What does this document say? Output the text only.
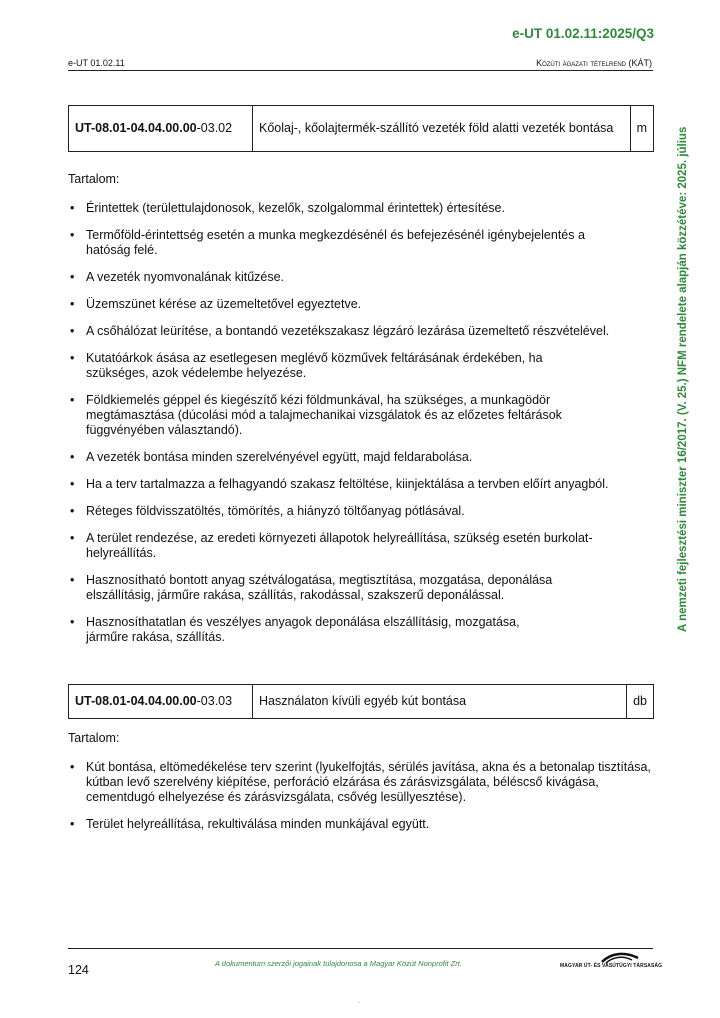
e-UT 01.02.11:2025/Q3
e-UT 01.02.11	Közúti ágazati tételrend (KÁT)
A nemzeti fejlesztési miniszter 16/2017. (V. 25.) NFM rendelete alapján közzétéve: 2025. július
UT-08.01-04.04.00.00-03.02	Kőolaj-, kőolajtermék-szállító vezeték föld alatti vezeték bontása	m

Tartalom:

• Érintettek (területtulajdonosok, kezelők, szolgalommal érintettek) értesítése.
• Termőföld-érintettség esetén a munka megkezdésénél és befejezésénél igénybejelentés a hatóság felé.
• A vezeték nyomvonalának kitűzése.
• Üzemszünet kérése az üzemeltetővel egyeztetve.
• A csőhálózat leürítése, a bontandó vezetékszakasz légzáró lezárása üzemeltető részvételével.
• Kutatóárkok ásása az esetlegesen meglévő közművek feltárásának érdekében, ha szükséges, azok védelembe helyezése.
• Földkiemelés géppel és kiegészítő kézi földmunkával, ha szükséges, a munkagödör megtámasztása (dúcolási mód a talajmechanikai vizsgálatok és az előzetes feltárások függvényében választandó).
• A vezeték bontása minden szerelvényével együtt, majd feldarabolása.
• Ha a terv tartalmazza a felhagyandó szakasz feltöltése, kiinjektálása a tervben előírt anyagból.
• Réteges földvisszatöltés, tömörítés, a hiányzó töltőanyag pótlásával.
• A terület rendezése, az eredeti környezeti állapotok helyreállítása, szükség esetén burkolat-helyreállítás.
• Hasznosítható bontott anyag szétválogatása, megtisztítása, mozgatása, deponálása elszállításig, járműre rakása, szállítás, rakodással, szakszerű deponálással.
• Hasznosíthatatlan és veszélyes anyagok deponálása elszállításig, mozgatása, járműre rakása, szállítás.
UT-08.01-04.04.00.00-03.03	Használaton kívüli egyéb kút bontása	db

Tartalom:

• Kút bontása, eltömedékelése terv szerint (lyukelfojtás, sérülés javítása, akna és a betonalap tisztítása, kútban levő szerelvény kiépítése, perforáció elzárása és zárásvizsgálata, béléscső kivágása, cementdugó elhelyezése és zárásvizsgálata, csővég lesüllyesztése).
• Terület helyreállítása, rekultiválása minden munkájával együtt.
124	A dokumentum szerzői jogainak tulajdonosa a Magyar Közút Nonprofit Zrt.	MAGYAR ÚT- ÉS VASÚTÜGYI TÁRSASÁG
.
